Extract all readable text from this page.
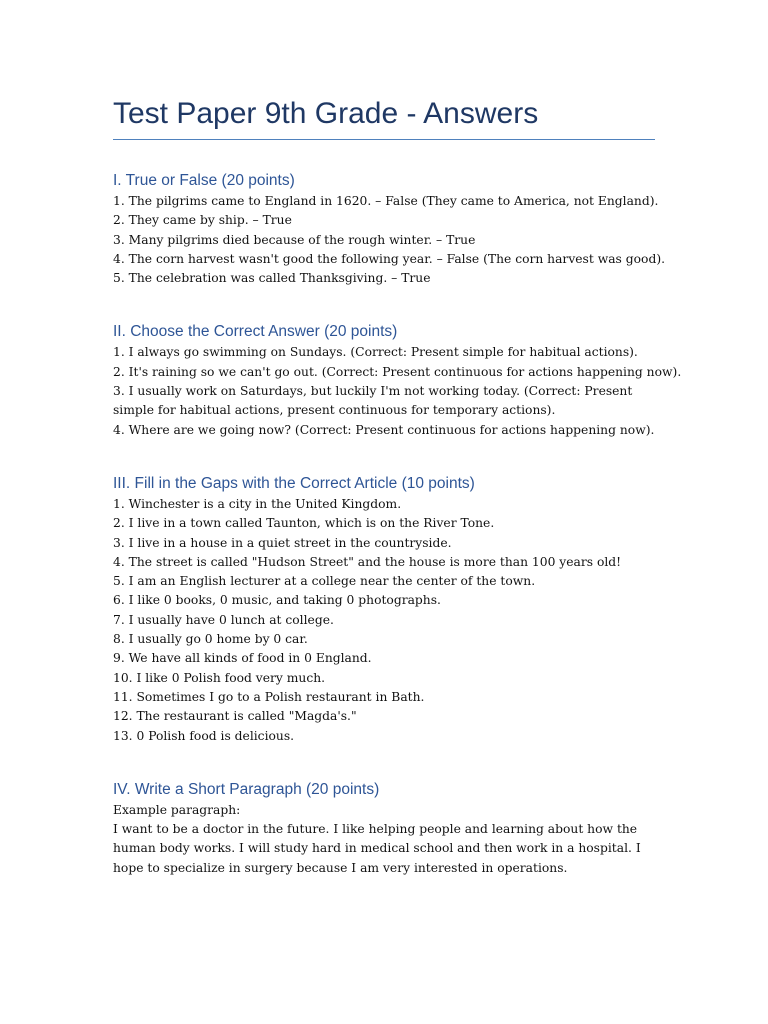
Test Paper 9th Grade - Answers
I. True or False (20 points)

1. The pilgrims came to England in 1620. – False (They came to America, not England).

2. They came by ship. – True

3. Many pilgrims died because of the rough winter. – True

4. The corn harvest wasn't good the following year. – False (The corn harvest was good).

5. The celebration was called Thanksgiving. – True

II. Choose the Correct Answer (20 points)

1. I always go swimming on Sundays. (Correct: Present simple for habitual actions).

2. It's raining so we can't go out. (Correct: Present continuous for actions happening now).

3. I usually work on Saturdays, but luckily I'm not working today. (Correct: Present simple for habitual actions, present continuous for temporary actions).

4. Where are we going now? (Correct: Present continuous for actions happening now).

III. Fill in the Gaps with the Correct Article (10 points)

1. Winchester is a city in the United Kingdom.

2. I live in a town called Taunton, which is on the River Tone.

3. I live in a house in a quiet street in the countryside.

4. The street is called "Hudson Street" and the house is more than 100 years old!

5. I am an English lecturer at a college near the center of the town.

6. I like 0 books, 0 music, and taking 0 photographs.

7. I usually have 0 lunch at college.

8. I usually go 0 home by 0 car.

9. We have all kinds of food in 0 England.

10. I like 0 Polish food very much.

11. Sometimes I go to a Polish restaurant in Bath.

12. The restaurant is called "Magda's."

13. 0 Polish food is delicious.

IV. Write a Short Paragraph (20 points)

Example paragraph:

I want to be a doctor in the future. I like helping people and learning about how the human body works. I will study hard in medical school and then work in a hospital. I hope to specialize in surgery because I am very interested in operations.
